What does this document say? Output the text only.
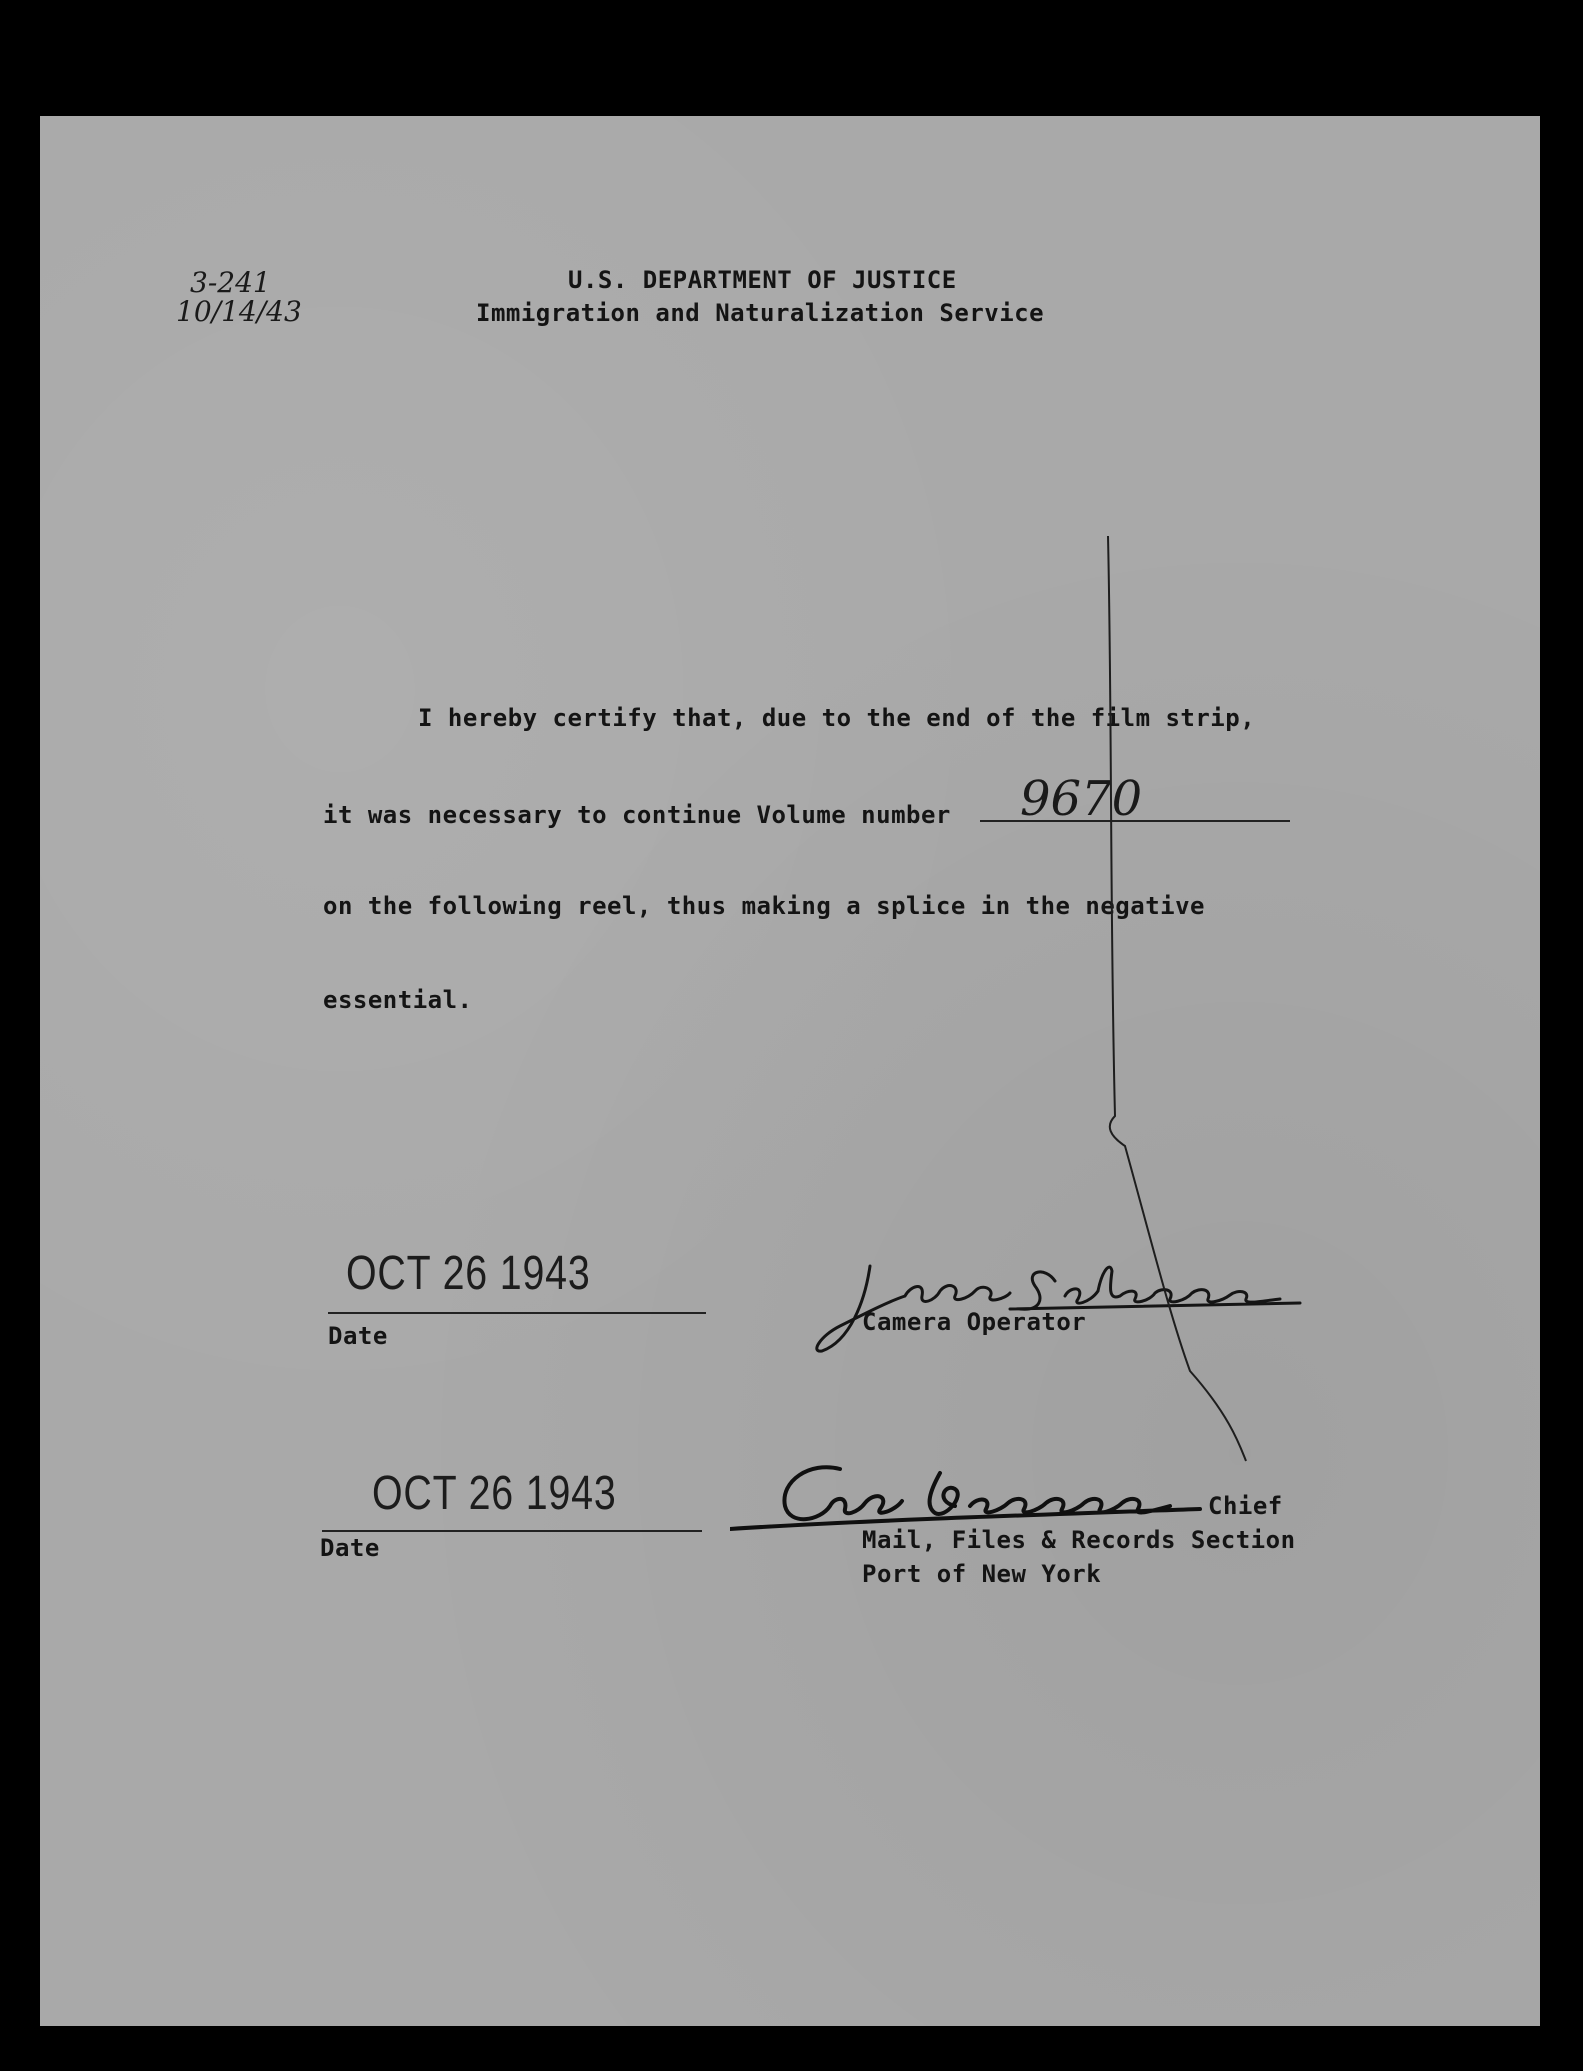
3-241
10/14/43
U.S. DEPARTMENT OF JUSTICE
Immigration and Naturalization Service
I hereby certify that, due to the end of the film strip,
it was necessary to continue Volume number 9670
on the following reel, thus making a splice in the negative
essential.
OCT 26 1943
Date	Camera Operator
OCT 26 1943
Date
Chief
Mail, Files & Records Section
Port of New York
